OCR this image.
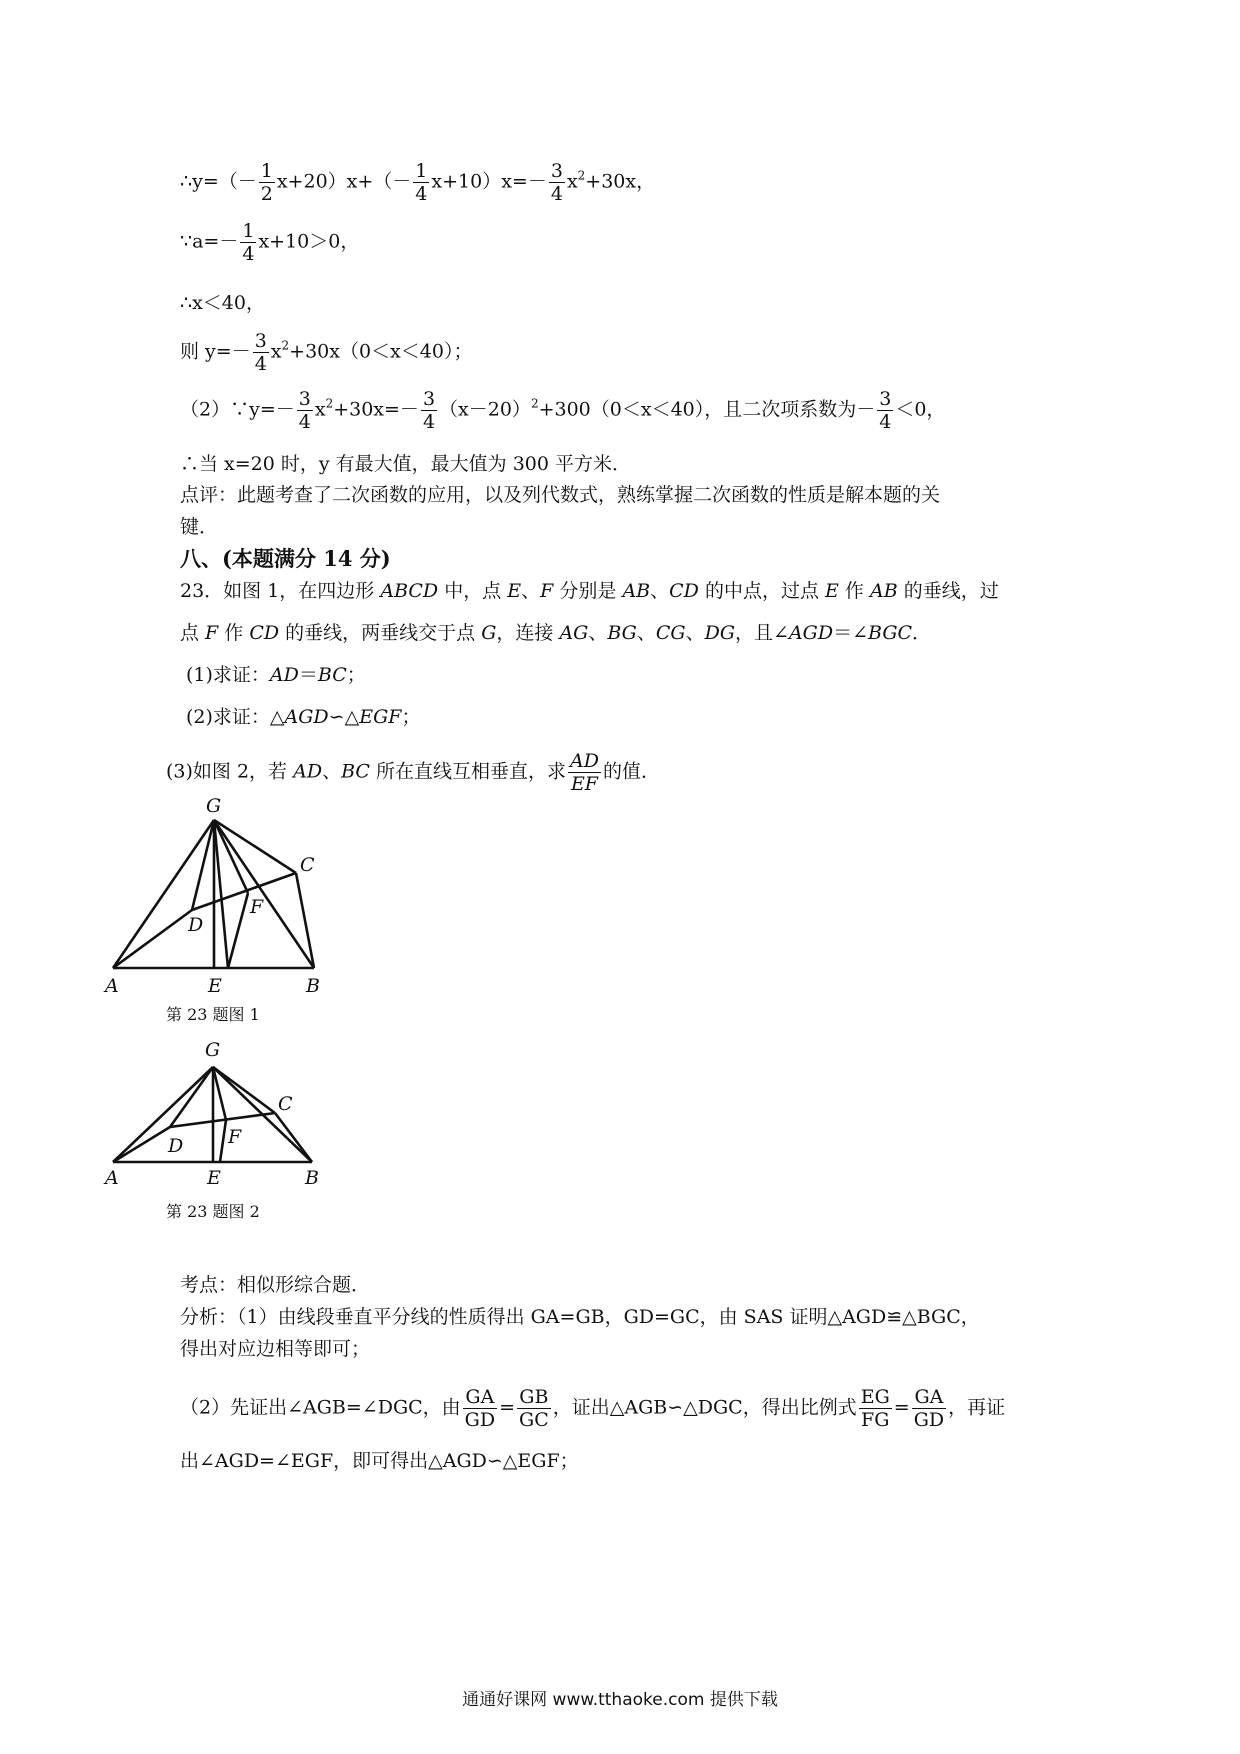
∴y=（－ $\frac{1}{2} x+20)x+(- \frac{1}{4} x+10)x=- \frac{3}{4} x^2+30x$，
∵a=－ $\frac{1}{4} x+10>0$，
∴x＜40，
则 $y=- \frac{3}{4} x^2+30x(0<x<40)$；
（2）∵y=－ $\frac{3}{4} x^2+30x=- \frac{3}{4} (x-20)^2+300(0<x<40)$，且二次项系数为－ $\frac{3}{4} <0$，
∴当 x=20 时，y 有最大值，最大值为 300 平方米．
点评：此题考查了二次函数的应用，以及列代数式，熟练掌握二次函数的性质是解本题的关
键．
八、(本题满分 14 分)
23．如图 1，在四边形 ABCD 中，点 E、F 分别是 AB、CD 的中点，过点 E 作 AB 的垂线，过
点 F 作 CD 的垂线，两垂线交于点 G，连接 AG、BG、CG、DG，且∠AGD＝∠BGC．
(1)求证：AD＝BC；
(2)求证：△AGD∽△EGF；
(3)如图 2，若 AD、BC 所在直线互相垂直，求 $\frac{AD}{EF}$ 的值．
G
C
F
D
A	E	B
第 23 题图 1
G
C
F
D
A	E	B
第 23 题图 2
考点：相似形综合题．
分析：（1）由线段垂直平分线的性质得出 GA=GB，GD=GC，由 SAS 证明△AGD≌△BGC，
得出对应边相等即可；
（2）先证出∠AGB=∠DGC，由 $\frac{GA}{GD} = \frac{GB}{GC}$ ，证出△AGB∽△DGC，得出比例式 $\frac{EG}{FG} = \frac{GA}{GD}$ ，再证
出∠AGD=∠EGF，即可得出△AGD∽△EGF；
通通好课网 www.tthaoke.com 提供下载
